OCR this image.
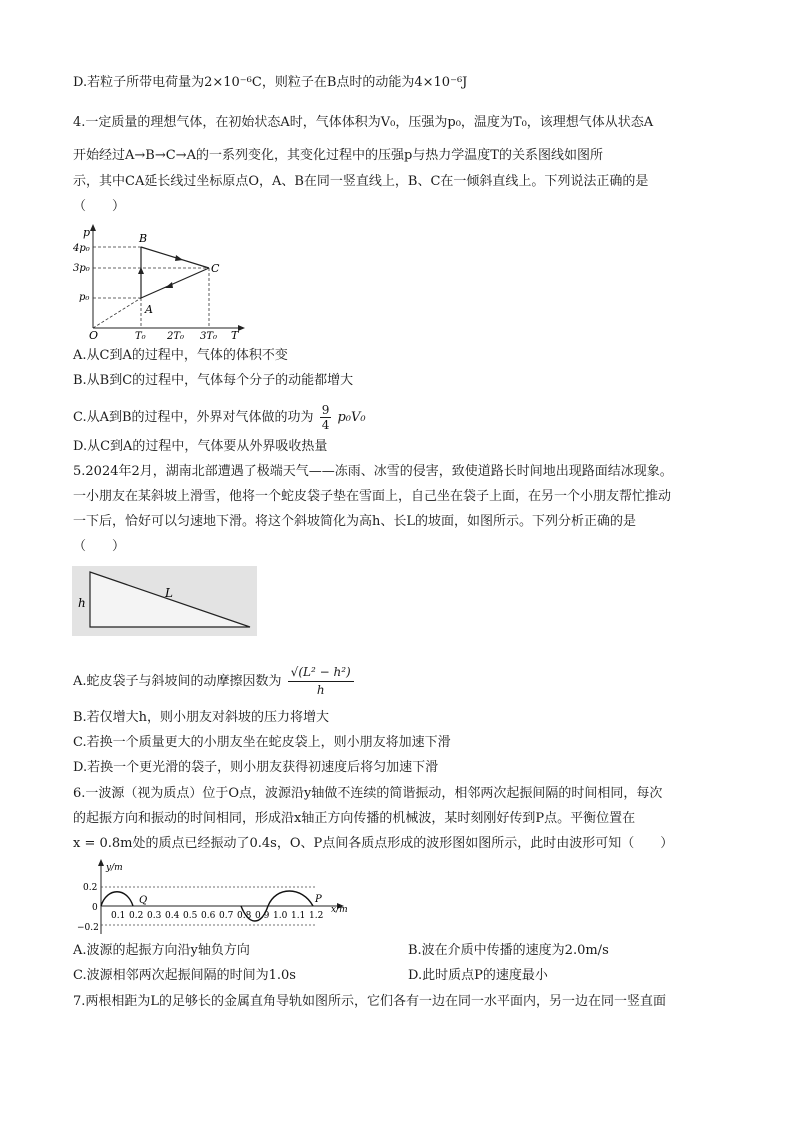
D.若粒子所带电荷量为2×10⁻⁶C，则粒子在B点时的动能为4×10⁻⁶J
4.一定质量的理想气体，在初始状态A时，气体体积为V₀，压强为p₀，温度为T₀，该理想气体从状态A
开始经过A→B→C→A的一系列变化，其变化过程中的压强p与热力学温度T的关系图线如图所
示，其中CA延长线过坐标原点O，A、B在同一竖直线上，B、C在一倾斜直线上。下列说法正确的是
（　　）
p
T
O
4p₀
3p₀
p₀
T₀ 2T₀ 3T₀
B
C
A
A.从C到A的过程中，气体的体积不变
B.从B到C的过程中，气体每个分子的动能都增大
C.从A到B的过程中，外界对气体做的功为 $\frac{9}{4} p_0V_0$
D.从C到A的过程中，气体要从外界吸收热量
5.2024年2月，湖南北部遭遇了极端天气——冻雨、冰雪的侵害，致使道路长时间地出现路面结冰现象。
一小朋友在某斜坡上滑雪，他将一个蛇皮袋子垫在雪面上，自己坐在袋子上面，在另一个小朋友帮忙推动
一下后，恰好可以匀速地下滑。将这个斜坡简化为高h、长L的坡面，如图所示。下列分析正确的是
（　　）
h
L
A.蛇皮袋子与斜坡间的动摩擦因数为 $\frac{\text{√(L² − h²)}}{h}$
B.若仅增大h，则小朋友对斜坡的压力将增大
C.若换一个质量更大的小朋友坐在蛇皮袋上，则小朋友将加速下滑
D.若换一个更光滑的袋子，则小朋友获得初速度后将匀加速下滑
6.一波源（视为质点）位于O点，波源沿y轴做不连续的简谐振动，相邻两次起振间隔的时间相同，每次
的起振方向和振动的时间相同，形成沿x轴正方向传播的机械波，某时刻刚好传到P点。平衡位置在
x = 0.8m处的质点已经振动了0.4s，O、P点间各质点形成的波形图如图所示，此时由波形可知（　　）
y/m
x/m
0
0.2
−0.2
0.1 0.2 0.3 0.4 0.5 0.6 0.7 0.8 0.9 1.0 1.1 1.2
Q	P
A.波源的起振方向沿y轴负方向	B.波在介质中传播的速度为2.0m/s
C.波源相邻两次起振间隔的时间为1.0s	D.此时质点P的速度最小
7.两根相距为L的足够长的金属直角导轨如图所示，它们各有一边在同一水平面内，另一边在同一竖直面
